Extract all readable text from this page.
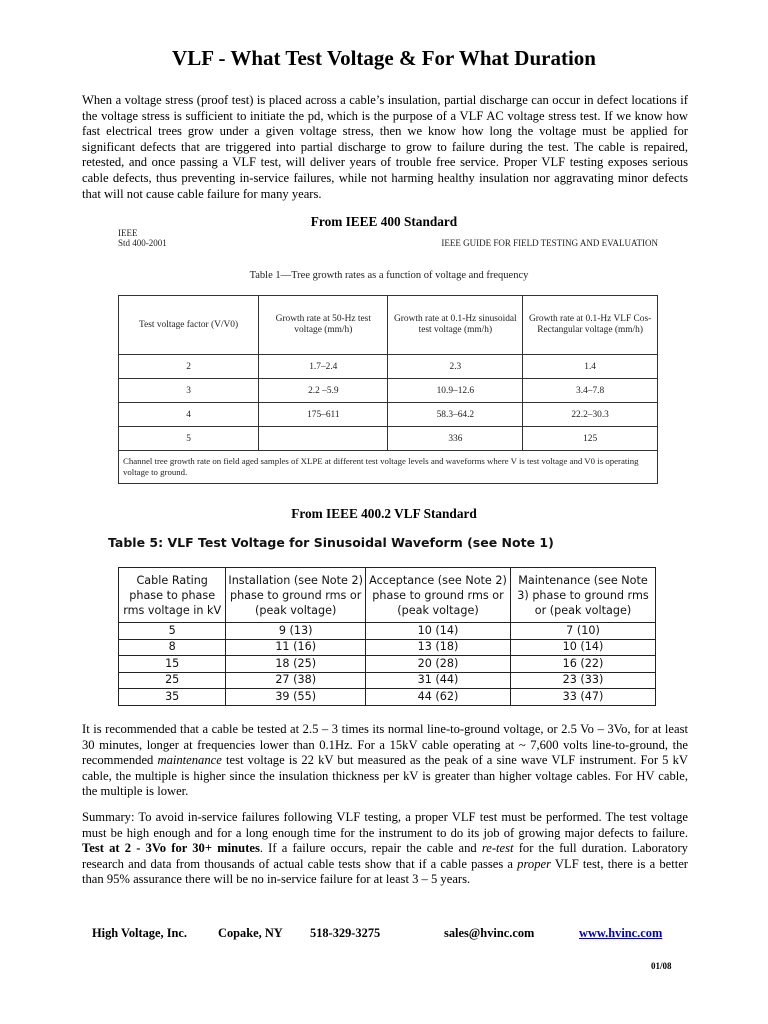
VLF - What Test Voltage & For What Duration
When a voltage stress (proof test) is placed across a cable’s insulation, partial discharge can occur in defect locations if the voltage stress is sufficient to initiate the pd, which is the purpose of a VLF AC voltage stress test. If we know how fast electrical trees grow under a given voltage stress, then we know how long the voltage must be applied for significant defects that are triggered into partial discharge to grow to failure during the test. The cable is repaired, retested, and once passing a VLF test, will deliver years of trouble free service. Proper VLF testing exposes serious cable defects, thus preventing in-service failures, while not harming healthy insulation nor aggravating minor defects that will not cause cable failure for many years.
From IEEE 400 Standard
IEEE
Std 400-2001	IEEE GUIDE FOR FIELD TESTING AND EVALUATION
Table 1—Tree growth rates as a function of voltage and frequency
Test voltage factor (V/V0)	Growth rate at 50-Hz test voltage (mm/h)	Growth rate at 0.1-Hz sinusoidal test voltage (mm/h)	Growth rate at 0.1-Hz VLF Cos-Rectangular voltage (mm/h)
2	1.7–2.4	2.3	1.4
3	2.2 –5.9	10.9–12.6	3.4–7.8
4	175–611	58.3–64.2	22.2–30.3
5		336	125
Channel tree growth rate on field aged samples of XLPE at different test voltage levels and waveforms where V is test voltage and V0 is operating voltage to ground.			
From IEEE 400.2 VLF Standard
Table 5: VLF Test Voltage for Sinusoidal Waveform (see Note 1)
Cable Rating phase to phase rms voltage in kV	Installation (see Note 2) phase to ground rms or (peak voltage)	Acceptance (see Note 2) phase to ground rms or (peak voltage)	Maintenance (see Note 3) phase to ground rms or (peak voltage)
5	9 (13)	10 (14)	7 (10)
8	11 (16)	13 (18)	10 (14)
15	18 (25)	20 (28)	16 (22)
25	27 (38)	31 (44)	23 (33)
35	39 (55)	44 (62)	33 (47)
It is recommended that a cable be tested at 2.5 – 3 times its normal line-to-ground voltage, or 2.5 Vo – 3Vo, for at least 30 minutes, longer at frequencies lower than 0.1Hz. For a 15kV cable operating at ~ 7,600 volts line-to-ground, the recommended maintenance test voltage is 22 kV but measured as the peak of a sine wave VLF instrument. For 5 kV cable, the multiple is higher since the insulation thickness per kV is greater than higher voltage cables. For HV cable, the multiple is lower.
Summary: To avoid in-service failures following VLF testing, a proper VLF test must be performed. The test voltage must be high enough and for a long enough time for the instrument to do its job of growing major defects to failure. Test at 2 - 3Vo for 30+ minutes. If a failure occurs, repair the cable and re-test for the full duration. Laboratory research and data from thousands of actual cable tests show that if a cable passes a proper VLF test, there is a better than 95% assurance there will be no in-service failure for at least 3 – 5 years.
High Voltage, Inc. Copake, NY 518-329-3275	sales@hvinc.com	www.hvinc.com
01/08
